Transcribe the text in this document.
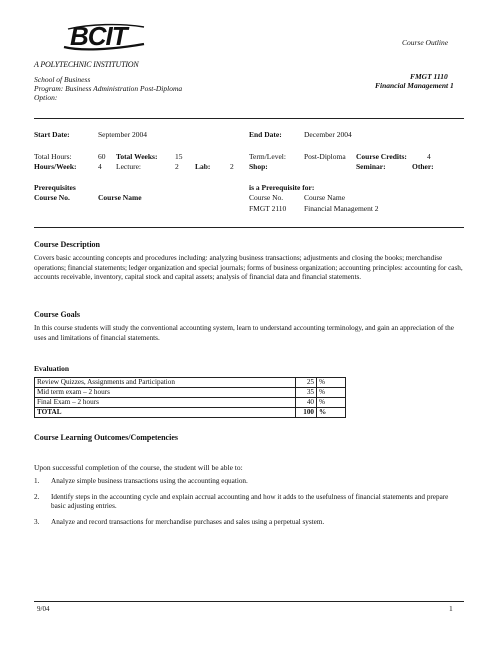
BCIT
A POLYTECHNIC INSTITUTION
Course Outline
School of Business
Program: Business Administration Post-Diploma
Option:
FMGT 1110
Financial Management 1
Start Date:	September 2004	End Date:	December 2004
Total Hours:	60 Total Weeks: 15	Term/Level: Post-Diploma Course Credits:	4
Hours/Week:	4 Lecture:	2 Lab:	2 Shop:	Seminar:	Other:
Prerequisites
Course No.	Course Name
is a Prerequisite for:
Course No.	Course Name
FMGT 2110 Financial Management 2
Course Description
Covers basic accounting concepts and procedures including: analyzing business transactions; adjustments and closing the books; merchandise operations; financial statements; ledger organization and special journals; forms of business organization; accounting principles: accounting for cash, accounts receivable, inventory, capital stock and capital assets; analysis of financial data and financial statements.
Course Goals
In this course students will study the conventional accounting system, learn to understand accounting terminology, and gain an appreciation of the uses and limitations of financial statements.
Evaluation
Review Quizzes, Assignments and Participation	25	%
Mid term exam – 2 hours	35	%
Final Exam – 2 hours	40	%
TOTAL	100	%
Course Learning Outcomes/Competencies
Upon successful completion of the course, the student will be able to:
1. Analyze simple business transactions using the accounting equation.
2. Identify steps in the accounting cycle and explain accrual accounting and how it adds to the usefulness of financial statements and prepare basic adjusting entries.
3. Analyze and record transactions for merchandise purchases and sales using a perpetual system.
9/04	1
